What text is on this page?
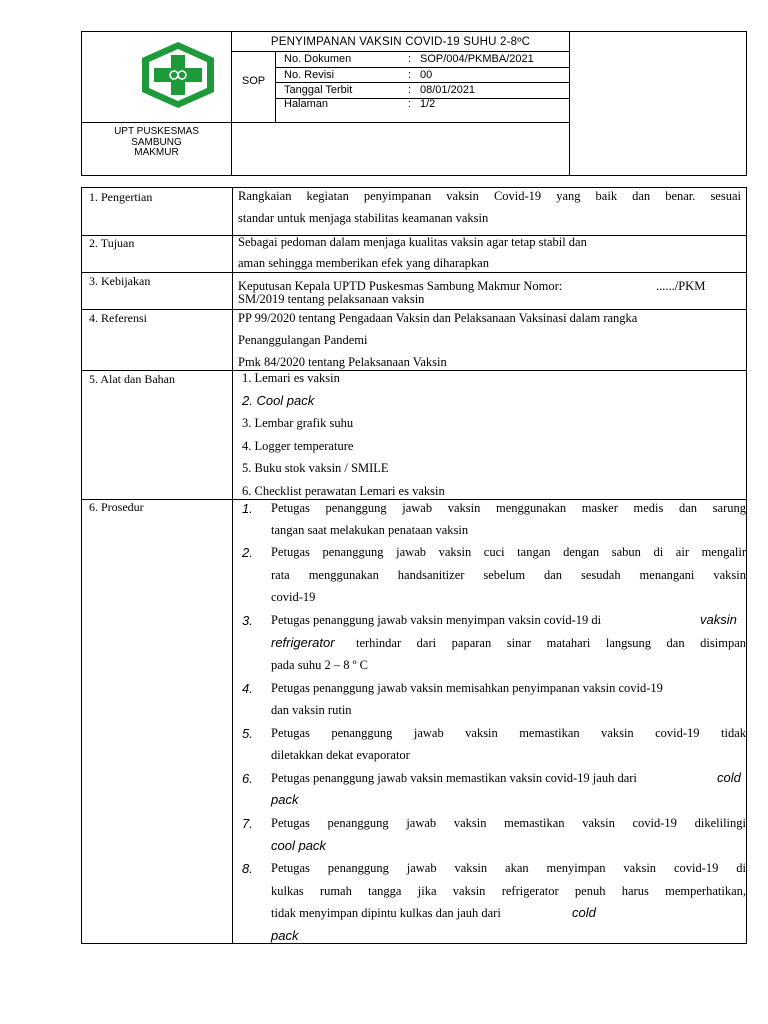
UPT PUSKESMAS
SAMBUNG
MAKMUR
PENYIMPANAN VAKSIN COVID-19 SUHU 2-8ºC
SOP
No. Dokumen	: SOP/004/PKMBA/2021
No. Revisi	: 00
Tanggal Terbit	: 08/01/2021
Halaman	: 1/2
1. Pengertian	Rangkaian kegiatan penyimpanan vaksin Covid-19 yang baik dan benar. sesuai
standar untuk menjaga stabilitas keamanan vaksin
2. Tujuan	Sebagai pedoman dalam menjaga kualitas vaksin agar tetap stabil dan
aman sehingga memberikan efek yang diharapkan
3. Kebijakan	Keputusan Kepala UPTD Puskesmas Sambung Makmur Nomor:	....../PKM
SM/2019 tentang pelaksanaan vaksin
4. Referensi	PP 99/2020 tentang Pengadaan Vaksin dan Pelaksanaan Vaksinasi dalam rangka
Penanggulangan Pandemi
Pmk 84/2020 tentang Pelaksanaan Vaksin
5. Alat dan Bahan	1. Lemari es vaksin
2. Cool pack
3. Lembar grafik suhu
4. Logger temperature
5. Buku stok vaksin / SMILE
6. Checklist perawatan Lemari es vaksin
6. Prosedur	1. Petugas penanggung jawab vaksin menggunakan masker medis dan sarung
tangan saat melakukan penataan vaksin
2. Petugas penanggung jawab vaksin cuci tangan dengan sabun di air mengalir
rata menggunakan handsanitizer sebelum dan sesudah menangani vaksin
covid-19
3. Petugas penanggung jawab vaksin menyimpan vaksin covid-19 di	vaksin
refrigerator terhindar dari paparan sinar matahari langsung dan disimpan
pada suhu 2 – 8 º C
4. Petugas penanggung jawab vaksin memisahkan penyimpanan vaksin covid-19
dan vaksin rutin
5. Petugas penanggung jawab vaksin memastikan vaksin covid-19 tidak
diletakkan dekat evaporator
6. Petugas penanggung jawab vaksin memastikan vaksin covid-19 jauh dari	cold
pack
7. Petugas penanggung jawab vaksin memastikan vaksin covid-19 dikelilingi
cool pack
8. Petugas penanggung jawab vaksin akan menyimpan vaksin covid-19 di
kulkas rumah tangga jika vaksin refrigerator penuh harus memperhatikan,
tidak menyimpan dipintu kulkas dan jauh dari	cold
pack
